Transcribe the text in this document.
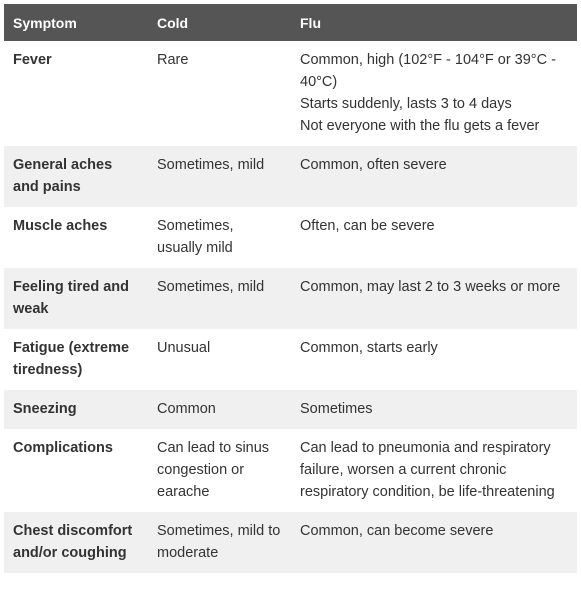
Symptom	Cold	Flu
Fever	Rare	Common, high (102°F - 104°F or 39°C - 40°C)
Starts suddenly, lasts 3 to 4 days
Not everyone with the flu gets a fever

General aches and pains	Sometimes, mild	Common, often severe

Muscle aches	Sometimes, usually mild	Often, can be severe

Feeling tired and weak	Sometimes, mild	Common, may last 2 to 3 weeks or more

Fatigue (extreme tiredness)	Unusual	Common, starts early

Sneezing	Common	Sometimes

Complications	Can lead to sinus congestion or earache	Can lead to pneumonia and respiratory failure, worsen a current chronic respiratory condition, be life-threatening

Chest discomfort and/or coughing	Sometimes, mild to moderate	Common, can become severe
